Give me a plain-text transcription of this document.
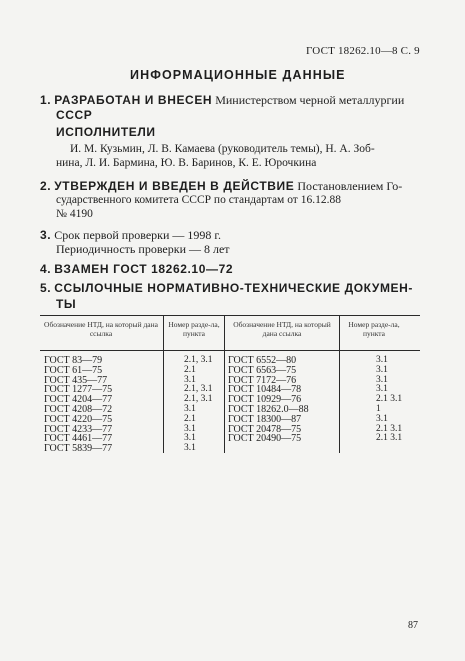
ГОСТ 18262.10—8 С. 9
ИНФОРМАЦИОННЫЕ ДАННЫЕ
1. РАЗРАБОТАН И ВНЕСЕН Министерством черной металлургии
СССР
ИСПОЛНИТЕЛИ
И. М. Кузьмин, Л. В. Камаева (руководитель темы), Н. А. Зоб-
нина, Л. И. Бармина, Ю. В. Баринов, К. Е. Юрочкина
2. УТВЕРЖДЕН И ВВЕДЕН В ДЕЙСТВИЕ Постановлением Го-
сударственного комитета СССР по стандартам от 16.12.88
№ 4190
3. Срок первой проверки — 1998 г.
Периодичность проверки — 8 лет
4. ВЗАМЕН ГОСТ 18262.10—72
5. ССЫЛОЧНЫЕ НОРМАТИВНО-ТЕХНИЧЕСКИЕ ДОКУМЕН-
ТЫ
Обозначение НТД, на который дана ссылка
Номер разде-ла, пункта
Обозначение НТД, на который дана ссылка
Номер разде-ла, пункта
ГОСТ 83—79
ГОСТ 61—75
ГОСТ 435—77
ГОСТ 1277—75
ГОСТ 4204—77
ГОСТ 4208—72
ГОСТ 4220—75
ГОСТ 4233—77
ГОСТ 4461—77
ГОСТ 5839—77
2.1, 3.1
2.1
3.1
2.1, 3.1
2.1, 3.1
3.1
2.1
3.1
3.1
3.1
ГОСТ 6552—80
ГОСТ 6563—75
ГОСТ 7172—76
ГОСТ 10484—78
ГОСТ 10929—76
ГОСТ 18262.0—88
ГОСТ 18300—87
ГОСТ 20478—75
ГОСТ 20490—75
3.1
3.1
3.1
3.1
2.1 3.1
1
3.1
2.1 3.1
2.1 3.1
87
